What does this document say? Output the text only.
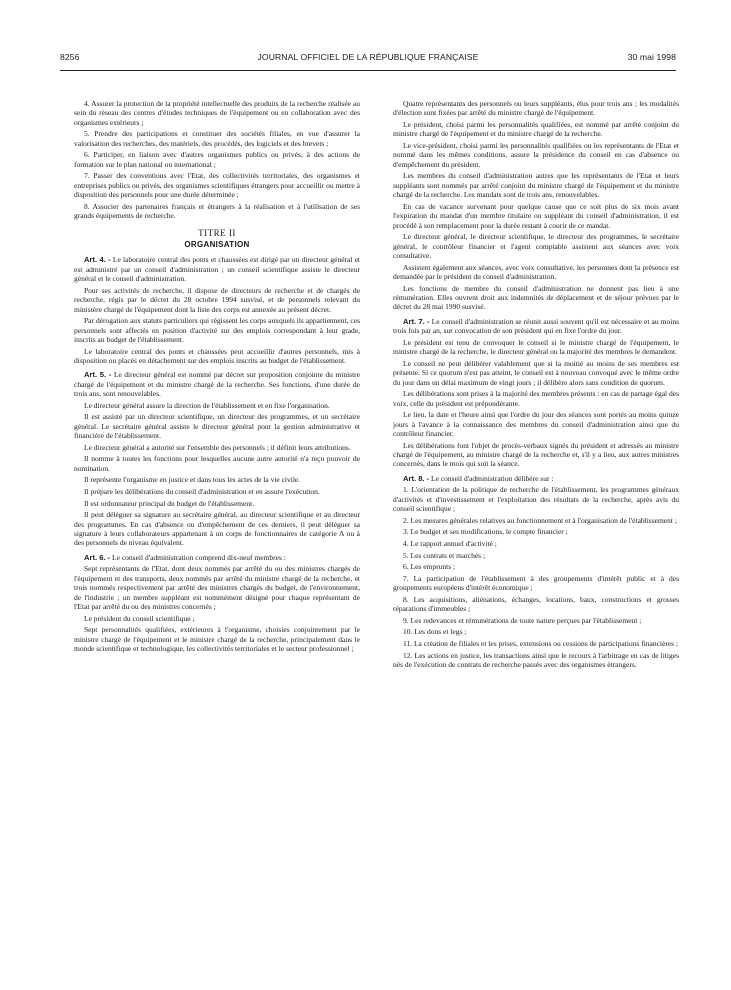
8256	JOURNAL OFFICIEL DE LA RÉPUBLIQUE FRANÇAISE	30 mai 1998

4. Assurer la protection de la propriété intellectuelle des produits de la recherche réalisée au sein du réseau des centres d'études techniques de l'équipement ou en collaboration avec des organismes extérieurs ;

5. Prendre des participations et constituer des sociétés filiales, en vue d'assurer la valorisation des recherches, des matériels, des procédés, des logiciels et des brevets ;

6. Participer, en liaison avec d'autres organismes publics ou privés, à des actions de formation sur le plan national ou international ;

7. Passer des conventions avec l'Etat, des collectivités territoriales, des organismes et entreprises publics ou privés, des organismes scientifiques étrangers pour accueillir ou mettre à disposition des personnels pour une durée déterminée ;

8. Associer des partenaires français et étrangers à la réalisation et à l'utilisation de ses grands équipements de recherche.

TITRE II
ORGANISATION

Art. 4. - Le laboratoire central des ponts et chaussées est dirigé par un directeur général et est administré par un conseil d'administration ; un conseil scientifique assiste le directeur général et le conseil d'administration.

Pour ses activités de recherche, il dispose de directeurs de recherche et de chargés de recherche, régis par le décret du 28 octobre 1994 susvisé, et de personnels relevant du ministère chargé de l'équipement dont la liste des corps est annexée au présent décret.

Par dérogation aux statuts particuliers qui régissent les corps auxquels ils appartiennent, ces personnels sont affectés en position d'activité sur des emplois correspondant à leur grade, inscrits au budget de l'établissement.

Le laboratoire central des ponts et chaussées peut accueillir d'autres personnels, mis à disposition ou placés en détachement sur des emplois inscrits au budget de l'établissement.

Art. 5. - Le directeur général est nommé par décret sur proposition conjointe du ministre chargé de l'équipement et du ministre chargé de la recherche. Ses fonctions, d'une durée de trois ans, sont renouvelables.

Le directeur général assure la direction de l'établissement et en fixe l'organisation.

Il est assisté par un directeur scientifique, un directeur des programmes, et un secrétaire général. Le secrétaire général assiste le directeur général pour la gestion administrative et financière de l'établissement.

Le directeur général a autorité sur l'ensemble des personnels ; il définit leurs attributions.

Il nomme à toutes les fonctions pour lesquelles aucune autre autorité n'a reçu pouvoir de nomination.

Il représente l'organisme en justice et dans tous les actes de la vie civile.

Il prépare les délibérations du conseil d'administration et en assure l'exécution.

Il est ordonnateur principal du budget de l'établissement.

Il peut déléguer sa signature au secrétaire général, au directeur scientifique et au directeur des programmes. En cas d'absence ou d'empêchement de ces derniers, il peut déléguer sa signature à leurs collaborateurs appartenant à un corps de fonctionnaires de catégorie A ou à des personnels de niveau équivalent.

Art. 6. - Le conseil d'administration comprend dix-neuf membres :

Sept représentants de l'Etat, dont deux nommés par arrêté du ou des ministres chargés de l'équipement et des transports, deux nommés par arrêté du ministre chargé de la recherche, et trois nommés respectivement par arrêté des ministres chargés du budget, de l'environnement, de l'industrie ; un membre suppléant est nommément désigné pour chaque représentant de l'Etat par arrêté du ou des ministres concernés ;

Le président du conseil scientifique ;

Sept personnalités qualifiées, extérieures à l'organisme, choisies conjointement par le ministre chargé de l'équipement et le ministre chargé de la recherche, principalement dans le monde scientifique et technologique, les collectivités territoriales et le secteur professionnel ;

Quatre représentants des personnels ou leurs suppléants, élus pour trois ans ; les modalités d'élection sont fixées par arrêté du ministre chargé de l'équipement.

Le président, choisi parmi les personnalités qualifiées, est nommé par arrêté conjoint du ministre chargé de l'équipement et du ministre chargé de la recherche.

Le vice-président, choisi parmi les personnalités qualifiées ou les représentants de l'Etat et nommé dans les mêmes conditions, assure la présidence du conseil en cas d'absence ou d'empêchement du président.

Les membres du conseil d'administration autres que les représentants de l'Etat et leurs suppléants sont nommés par arrêté conjoint du ministre chargé de l'équipement et du ministre chargé de la recherche. Les mandats sont de trois ans, renouvelables.

En cas de vacance survenant pour quelque cause que ce soit plus de six mois avant l'expiration du mandat d'un membre titulaire ou suppléant du conseil d'administration, il est procédé à son remplacement pour la durée restant à courir de ce mandat.

Le directeur général, le directeur scientifique, le directeur des programmes, le secrétaire général, le contrôleur financier et l'agent comptable assistent aux séances avec voix consultative.

Assistent également aux séances, avec voix consultative, les personnes dont la présence est demandée par le président du conseil d'administration.

Les fonctions de membre du conseil d'administration ne donnent pas lieu à une rémunération. Elles ouvrent droit aux indemnités de déplacement et de séjour prévues par le décret du 28 mai 1990 susvisé.

Art. 7. - Le conseil d'administration se réunit aussi souvent qu'il est nécessaire et au moins trois fois par an, sur convocation de son président qui en fixe l'ordre du jour.

Le président est tenu de convoquer le conseil si le ministre chargé de l'équipement, le ministre chargé de la recherche, le directeur général ou la majorité des membres le demandent.

Le conseil ne peut délibérer valablement que si la moitié au moins de ses membres est présente. Si ce quorum n'est pas atteint, le conseil est à nouveau convoqué avec le même ordre du jour dans un délai maximum de vingt jours ; il délibère alors sans condition de quorum.

Les délibérations sont prises à la majorité des membres présents : en cas de partage égal des voix, celle du président est prépondérante.

Le lieu, la date et l'heure ainsi que l'ordre du jour des séances sont portés au moins quinze jours à l'avance à la connaissance des membres du conseil d'administration ainsi que du contrôleur financier.

Les délibérations font l'objet de procès-verbaux signés du président et adressés au ministre chargé de l'équipement, au ministre chargé de la recherche et, s'il y a lieu, aux autres ministres concernés, dans le mois qui suit la séance.

Art. 8. - Le conseil d'administration délibère sur :

1. L'orientation de la politique de recherche de l'établissement, les programmes généraux d'activités et d'investissement et l'exploitation des résultats de la recherche, après avis du conseil scientifique ;

2. Les mesures générales relatives au fonctionnement et à l'organisation de l'établissement ;

3. Le budget et ses modifications, le compte financier ;

4. Le rapport annuel d'activité ;

5. Les contrats et marchés ;

6. Les emprunts ;

7. La participation de l'établissement à des groupements d'intérêt public et à des groupements européens d'intérêt économique ;

8. Les acquisitions, aliénations, échanges, locations, baux, constructions et grosses réparations d'immeubles ;

9. Les redevances et rémunérations de toute nature perçues par l'établissement ;

10. Les dons et legs ;

11. La création de filiales et les prises, extensions ou cessions de participations financières ;

12. Les actions en justice, les transactions ainsi que le recours à l'arbitrage en cas de litiges nés de l'exécution de contrats de recherche passés avec des organismes étrangers.
